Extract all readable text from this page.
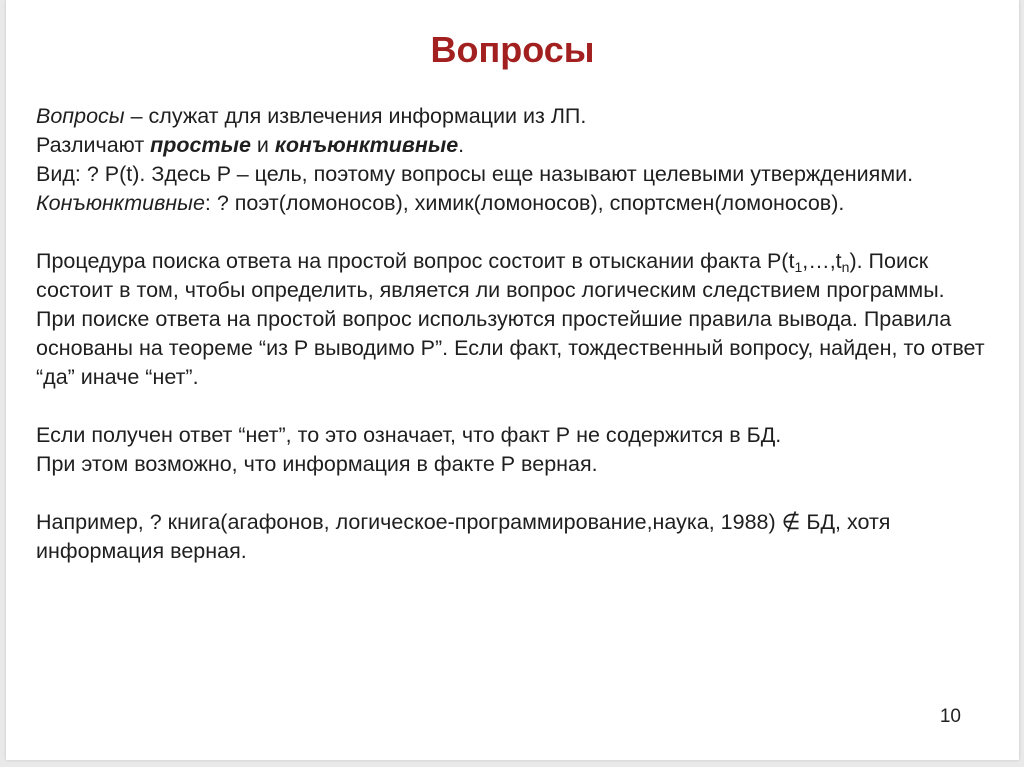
Вопросы

Вопросы – служат для извлечения информации из ЛП.

Различают простые и конъюнктивные.

Вид: ? P(t). Здесь P – цель, поэтому вопросы еще называют целевыми утверждениями.

Конъюнктивные: ? поэт(ломоносов), химик(ломоносов), спортсмен(ломоносов).

Процедура поиска ответа на простой вопрос состоит в отыскании факта $P(t_1,\dots,t_n)$. Поиск состоит в том, чтобы определить, является ли вопрос логическим следствием программы.

При поиске ответа на простой вопрос используются простейшие правила вывода. Правила основаны на теореме “из P выводимо P”. Если факт, тождественный вопросу, найден, то ответ “да” иначе “нет”.

Если получен ответ “нет”, то это означает, что факт Р не содержится в БД.

При этом возможно, что информация в факте Р верная.

Например, ? книга(агафонов, логическое-программирование,наука, 1988) ∉ БД, хотя информация верная.

10
